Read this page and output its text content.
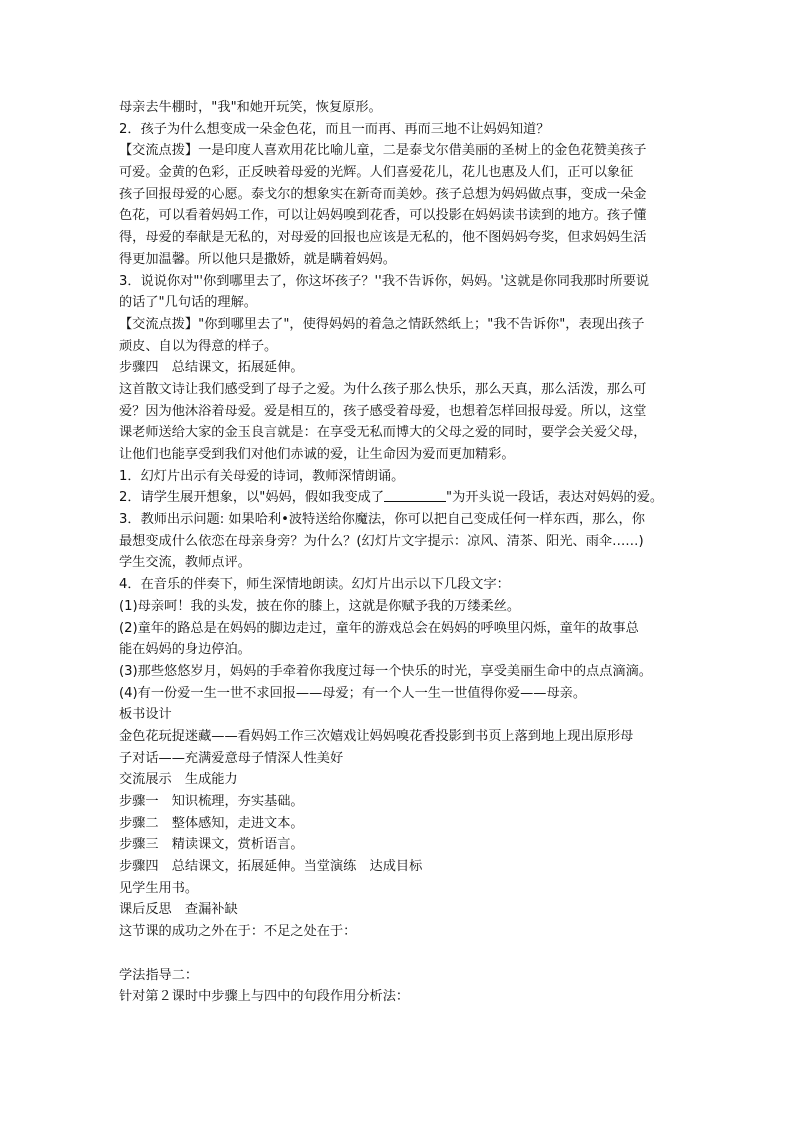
母亲去牛棚时，"我"和她开玩笑，恢复原形。
2．孩子为什么想变成一朵金色花，而且一而再、再而三地不让妈妈知道？
【交流点拨】一是印度人喜欢用花比喻儿童，二是泰戈尔借美丽的圣树上的金色花赞美孩子
可爱。金黄的色彩，正反映着母爱的光辉。人们喜爱花儿，花儿也惠及人们，正可以象征
孩子回报母爱的心愿。泰戈尔的想象实在新奇而美妙。孩子总想为妈妈做点事，变成一朵金
色花，可以看着妈妈工作，可以让妈妈嗅到花香，可以投影在妈妈读书读到的地方。孩子懂
得，母爱的奉献是无私的，对母爱的回报也应该是无私的，他不图妈妈夸奖，但求妈妈生活
得更加温馨。所以他只是撒娇，就是瞒着妈妈。
3．说说你对"'你到哪里去了，你这坏孩子？''我不告诉你，妈妈。'这就是你同我那时所要说
的话了"几句话的理解。
【交流点拨】"你到哪里去了"，使得妈妈的着急之情跃然纸上；"我不告诉你"，表现出孩子
顽皮、自以为得意的样子。
步骤四　总结课文，拓展延伸。
这首散文诗让我们感受到了母子之爱。为什么孩子那么快乐，那么天真，那么活泼，那么可
爱？因为他沐浴着母爱。爱是相互的，孩子感受着母爱，也想着怎样回报母爱。所以，这堂
课老师送给大家的金玉良言就是：在享受无私而博大的父母之爱的同时，要学会关爱父母，
让他们也能享受到我们对他们赤诚的爱，让生命因为爱而更加精彩。
1．幻灯片出示有关母爱的诗词，教师深情朗诵。
2．请学生展开想象，以"妈妈，假如我变成了	"为开头说一段话，表达对妈妈的爱。
3．教师出示问题: 如果哈利•波特送给你魔法，你可以把自己变成任何一样东西，那么，你
最想变成什么依恋在母亲身旁？为什么？(幻灯片文字提示：凉风、清茶、阳光、雨伞……)
学生交流，教师点评。
4．在音乐的伴奏下，师生深情地朗读。幻灯片出示以下几段文字：
(1)母亲呵！我的头发，披在你的膝上，这就是你赋予我的万缕柔丝。
(2)童年的路总是在妈妈的脚边走过，童年的游戏总会在妈妈的呼唤里闪烁，童年的故事总
能在妈妈的身边停泊。
(3)那些悠悠岁月，妈妈的手牵着你我度过每一个快乐的时光，享受美丽生命中的点点滴滴。
(4)有一份爱一生一世不求回报——母爱；有一个人一生一世值得你爱——母亲。
板书设计
金色花玩捉迷藏——看妈妈工作三次嬉戏让妈妈嗅花香投影到书页上落到地上现出原形母
子对话——充满爱意母子情深人性美好
交流展示　生成能力
步骤一　知识梳理，夯实基础。
步骤二　整体感知，走进文本。
步骤三　精读课文，赏析语言。
步骤四　总结课文，拓展延伸。当堂演练　达成目标
见学生用书。
课后反思　查漏补缺
这节课的成功之外在于：不足之处在于：
学法指导二：
针对第２课时中步骤上与四中的句段作用分析法：
